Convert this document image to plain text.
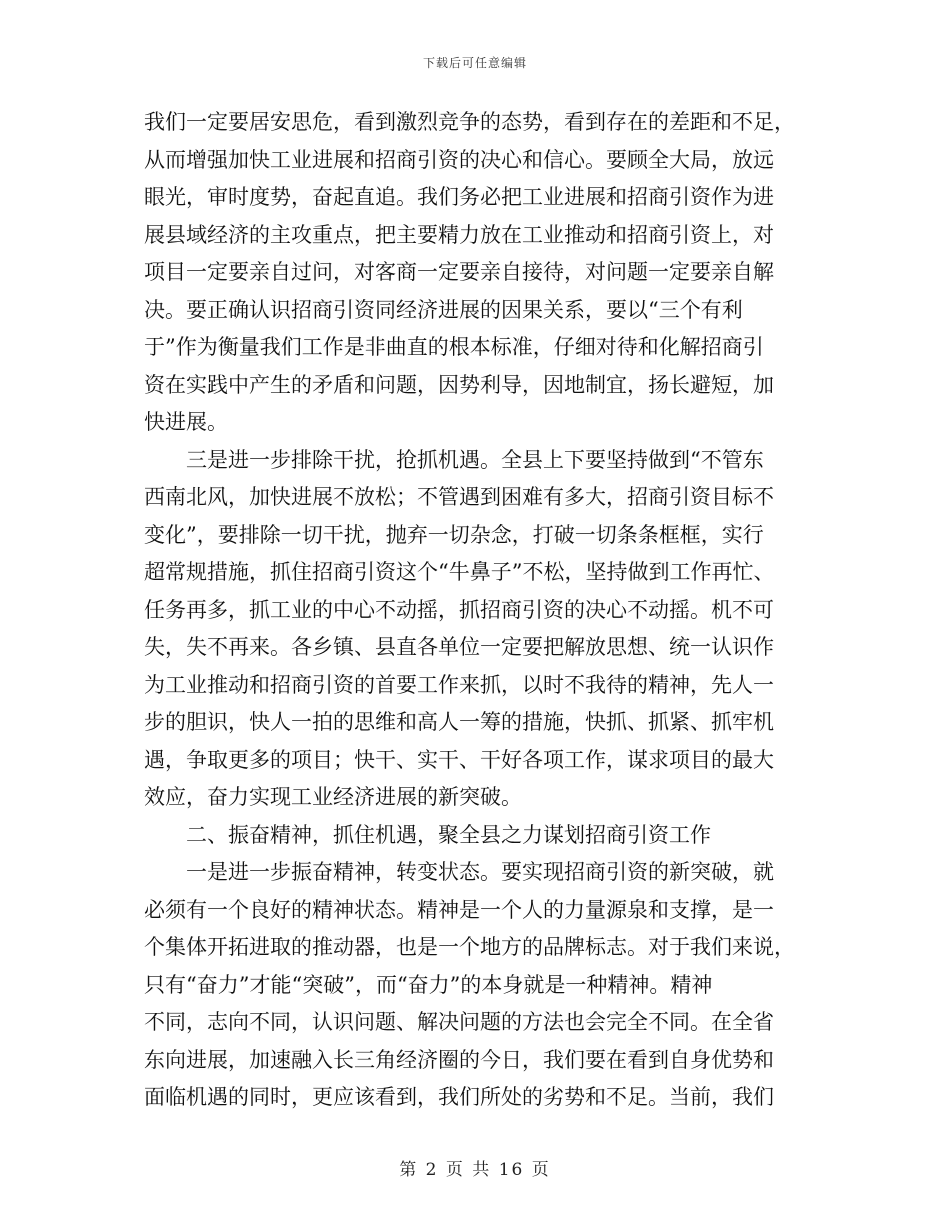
下载后可任意编辑
我们一定要居安思危，看到激烈竞争的态势，看到存在的差距和不足，
从而增强加快工业进展和招商引资的决心和信心。要顾全大局，放远
眼光，审时度势，奋起直追。我们务必把工业进展和招商引资作为进
展县域经济的主攻重点，把主要精力放在工业推动和招商引资上，对
项目一定要亲自过问，对客商一定要亲自接待，对问题一定要亲自解
决。要正确认识招商引资同经济进展的因果关系，要以“三个有利
于”作为衡量我们工作是非曲直的根本标准，仔细对待和化解招商引
资在实践中产生的矛盾和问题，因势利导，因地制宜，扬长避短，加
快进展。
　　三是进一步排除干扰，抢抓机遇。全县上下要坚持做到“不管东
西南北风，加快进展不放松；不管遇到困难有多大，招商引资目标不
变化”，要排除一切干扰，抛弃一切杂念，打破一切条条框框，实行
超常规措施，抓住招商引资这个“牛鼻子”不松，坚持做到工作再忙、
任务再多，抓工业的中心不动摇，抓招商引资的决心不动摇。机不可
失，失不再来。各乡镇、县直各单位一定要把解放思想、统一认识作
为工业推动和招商引资的首要工作来抓，以时不我待的精神，先人一
步的胆识，快人一拍的思维和高人一筹的措施，快抓、抓紧、抓牢机
遇，争取更多的项目；快干、实干、干好各项工作，谋求项目的最大
效应，奋力实现工业经济进展的新突破。
　　二、振奋精神，抓住机遇，聚全县之力谋划招商引资工作
　　一是进一步振奋精神，转变状态。要实现招商引资的新突破，就
必须有一个良好的精神状态。精神是一个人的力量源泉和支撑，是一
个集体开拓进取的推动器，也是一个地方的品牌标志。对于我们来说，
只有“奋力”才能“突破”，而“奋力”的本身就是一种精神。精神
不同，志向不同，认识问题、解决问题的方法也会完全不同。在全省
东向进展，加速融入长三角经济圈的今日，我们要在看到自身优势和
面临机遇的同时，更应该看到，我们所处的劣势和不足。当前，我们
第 2 页 共 16 页
